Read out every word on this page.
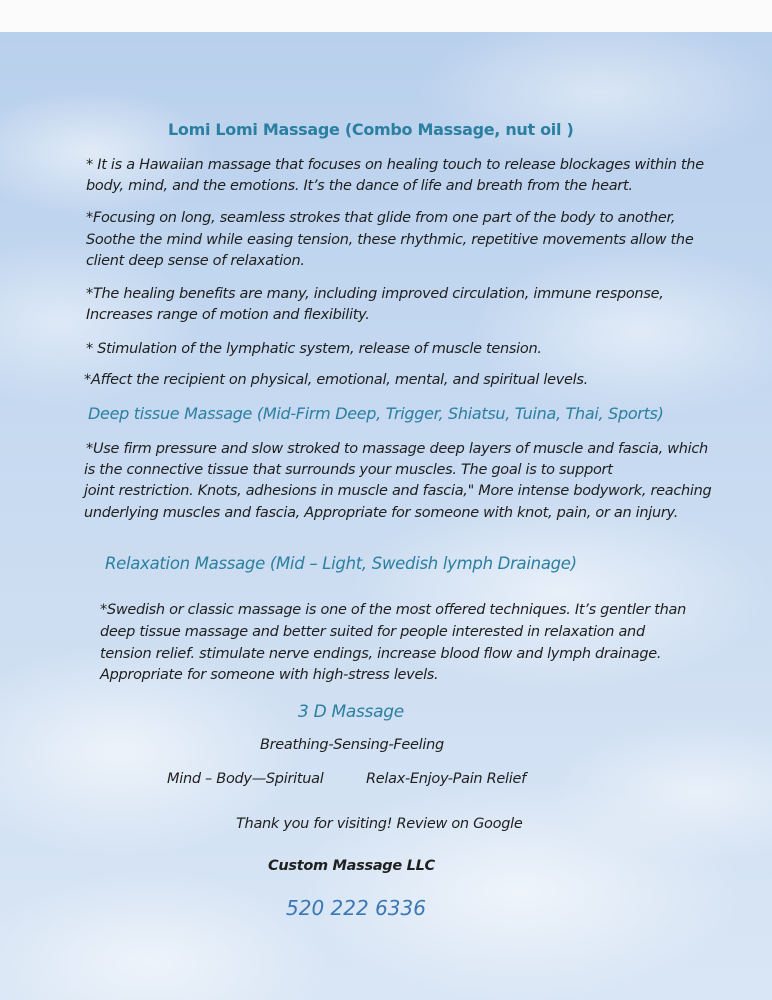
Lomi Lomi Massage (Combo Massage, nut oil )
* It is a Hawaiian massage that focuses on healing touch to release blockages within the
body, mind, and the emotions. It’s the dance of life and breath from the heart.
*Focusing on long, seamless strokes that glide from one part of the body to another,
Soothe the mind while easing tension, these rhythmic, repetitive movements allow the
client deep sense of relaxation.
*The healing benefits are many, including improved circulation, immune response,
Increases range of motion and flexibility.
* Stimulation of the lymphatic system, release of muscle tension.
*Affect the recipient on physical, emotional, mental, and spiritual levels.
Deep tissue Massage (Mid-Firm Deep, Trigger, Shiatsu, Tuina, Thai, Sports)
*Use firm pressure and slow stroked to massage deep layers of muscle and fascia, which
is the connective tissue that surrounds your muscles. The goal is to support
joint restriction. Knots, adhesions in muscle and fascia," More intense bodywork, reaching
underlying muscles and fascia, Appropriate for someone with knot, pain, or an injury.
Relaxation Massage (Mid – Light, Swedish lymph Drainage)
*Swedish or classic massage is one of the most offered techniques. It’s gentler than
deep tissue massage and better suited for people interested in relaxation and
tension relief. stimulate nerve endings, increase blood flow and lymph drainage.
Appropriate for someone with high-stress levels.
3 D Massage
Breathing-Sensing-Feeling
Mind – Body—Spiritual	Relax-Enjoy-Pain Relief
Thank you for visiting! Review on Google
Custom Massage LLC
520 222 6336
